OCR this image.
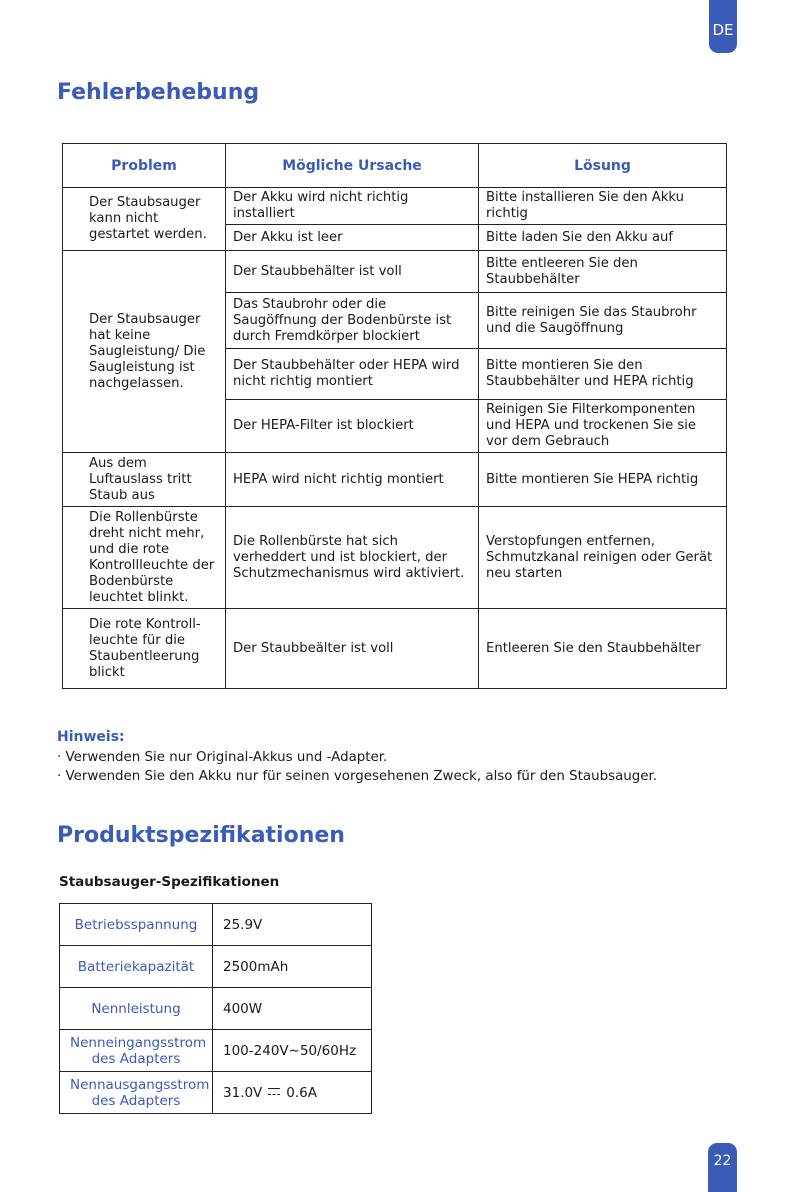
DE
Fehlerbehebung
Problem	Mögliche Ursache	Lösung
Der Staubsauger kann nicht gestartet werden.	Der Akku wird nicht richtig installiert	Bitte installieren Sie den Akku richtig
	Der Akku ist leer	Bitte laden Sie den Akku auf
Der Staubsauger hat keine Saugleistung/ Die Saugleistung ist nachgelassen.	Der Staubbehälter ist voll	Bitte entleeren Sie den Staubbehälter
	Das Staubrohr oder die Saugöffnung der Bodenbürste ist durch Fremdkörper blockiert	Bitte reinigen Sie das Staubrohr und die Saugöffnung
	Der Staubbehälter oder HEPA wird nicht richtig montiert	Bitte montieren Sie den Staubbehälter und HEPA richtig
	Der HEPA-Filter ist blockiert	Reinigen Sie Filterkomponenten und HEPA und trockenen Sie sie vor dem Gebrauch
Aus dem Luftauslass tritt Staub aus	HEPA wird nicht richtig montiert	Bitte montieren Sie HEPA richtig
Die Rollenbürste dreht nicht mehr, und die rote Kontrollleuchte der Bodenbürste leuchtet blinkt.	Die Rollenbürste hat sich verheddert und ist blockiert, der Schutzmechanismus wird aktiviert.	Verstopfungen entfernen, Schmutzkanal reinigen oder Gerät neu starten
Die rote Kontroll-leuchte für die Staubentleerung blickt	Der Staubbeälter ist voll	Entleeren Sie den Staubbehälter
Hinweis:
· Verwenden Sie nur Original-Akkus und -Adapter.
· Verwenden Sie den Akku nur für seinen vorgesehenen Zweck, also für den Staubsauger.
Produktspezifikationen
Staubsauger-Spezifikationen
Betriebsspannung	25.9V
Batteriekapazität	2500mAh
Nennleistung	400W
Nenneingangsstrom des Adapters	100-240V∼50/60Hz
Nennausgangsstrom des Adapters	31.0V 0.6A
22
